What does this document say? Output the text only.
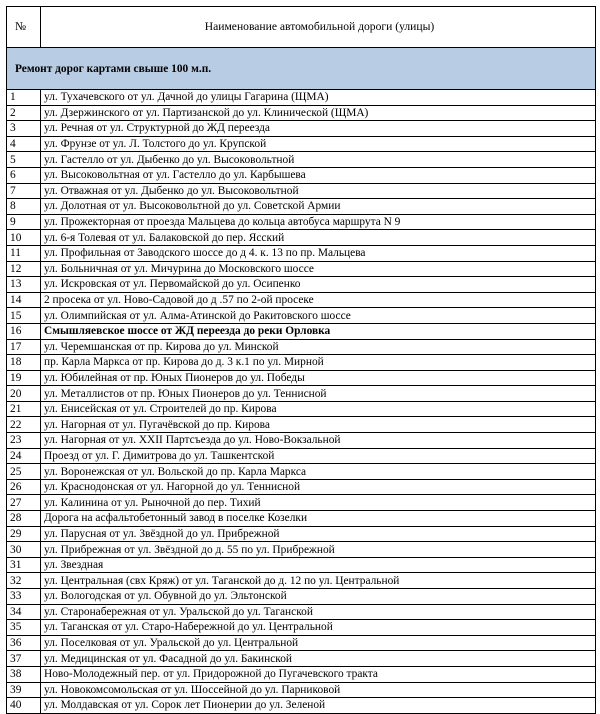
№	Наименование автомобильной дороги (улицы)
Ремонт дорог картами свыше 100 м.п.	
1	ул. Тухачевского от ул. Дачной до улицы Гагарина (ЩМА)
2	ул. Дзержинского от ул. Партизанской до ул. Клинической (ЩМА)
3	ул. Речная от ул. Структурной до ЖД переезда
4	ул. Фрунзе от ул. Л. Толстого до ул. Крупской
5	ул. Гастелло от ул. Дыбенко до ул. Высоковольтной
6	ул. Высоковольтная от ул. Гастелло до ул. Карбышева
7	ул. Отважная от ул. Дыбенко до ул. Высоковольтной
8	ул. Долотная от ул. Высоковольтной до ул. Советской Армии
9	ул. Прожекторная от проезда Мальцева до кольца автобуса маршрута N 9
10	ул. 6-я Толевая от ул. Балаковской до пер. Ясский
11	ул. Профильная от Заводского шоссе до д 4. к. 13 по пр. Мальцева
12	ул. Больничная от ул. Мичурина до Московского шоссе
13	ул. Искровская от ул. Первомайской до ул. Осипенко
14	2 просека от ул. Ново-Садовой до д .57 по 2-ой просеке
15	ул. Олимпийская от ул. Алма-Атинской до Ракитовского шоссе
16	Смышляевское шоссе от ЖД переезда до реки Орловка
17	ул. Черемшанская от пр. Кирова до ул. Минской
18	пр. Карла Маркса от пр. Кирова до д. 3 к.1 по ул. Мирной
19	ул. Юбилейная от пр. Юных Пионеров до ул. Победы
20	ул. Металлистов от пр. Юных Пионеров до ул. Теннисной
21	ул. Енисейская от ул. Строителей до пр. Кирова
22	ул. Нагорная от ул. Пугачёвской до пр. Кирова
23	ул. Нагорная от ул. XXII Партсъезда до ул. Ново-Вокзальной
24	Проезд от ул. Г. Димитрова до ул. Ташкентской
25	ул. Воронежская от ул. Вольской до пр. Карла Маркса
26	ул. Краснодонская от ул. Нагорной до ул. Теннисной
27	ул. Калинина от ул. Рыночной до пер. Тихий
28	Дорога на асфальтобетонный завод в поселке Козелки
29	ул. Парусная от ул. Звёздной до ул. Прибрежной
30	ул. Прибрежная от ул. Звёздной до д. 55 по ул. Прибрежной
31	ул. Звездная
32	ул. Центральная (свх Кряж) от ул. Таганской до д. 12 по ул. Центральной
33	ул. Вологодская от ул. Обувной до ул. Эльтонской
34	ул. Старонабережная от ул. Уральской до ул. Таганской
35	ул. Таганская от ул. Старо-Набережной до ул. Центральной
36	ул. Поселковая от ул. Уральской до ул. Центральной
37	ул. Медицинская от ул. Фасадной до ул. Бакинской
38	Ново-Молодежный пер. от ул. Придорожной до Пугачевского тракта
39	ул. Новокомсомольская от ул. Шоссейной до ул. Парниковой
40	ул. Молдавская от ул. Сорок лет Пионерии до ул. Зеленой
